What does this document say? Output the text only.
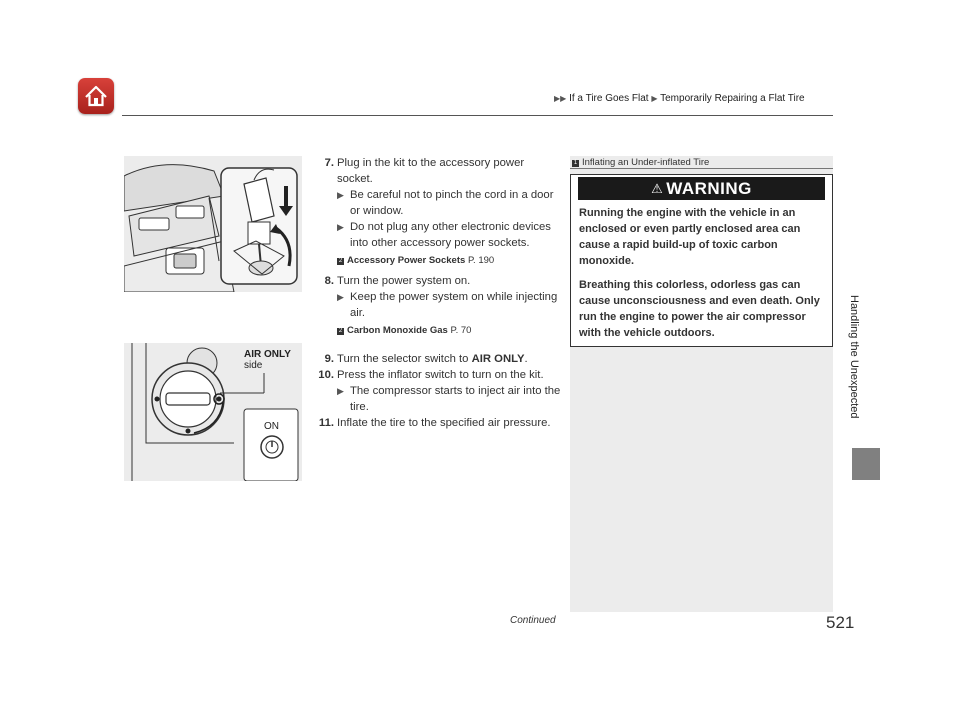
▶▶ If a Tire Goes Flat ▶ Temporarily Repairing a Flat Tire
Handling the Unexpected
AIR ONLY
side
ON
7. Plug in the kit to the accessory power socket.
▶ Be careful not to pinch the cord in a door or window.
▶ Do not plug any other electronic devices into other accessory power sockets.
2 Accessory Power Sockets P. 190
8. Turn the power system on.
▶ Keep the power system on while injecting air.
2 Carbon Monoxide Gas P. 70
9. Turn the selector switch to AIR ONLY.
10. Press the inflator switch to turn on the kit.
▶ The compressor starts to inject air into the tire.
11. Inflate the tire to the specified air pressure.
1 Inflating an Under-inflated Tire
⚠ WARNING
Running the engine with the vehicle in an enclosed or even partly enclosed area can cause a rapid build-up of toxic carbon monoxide.
Breathing this colorless, odorless gas can cause unconsciousness and even death. Only run the engine to power the air compressor with the vehicle outdoors.
Continued	521
